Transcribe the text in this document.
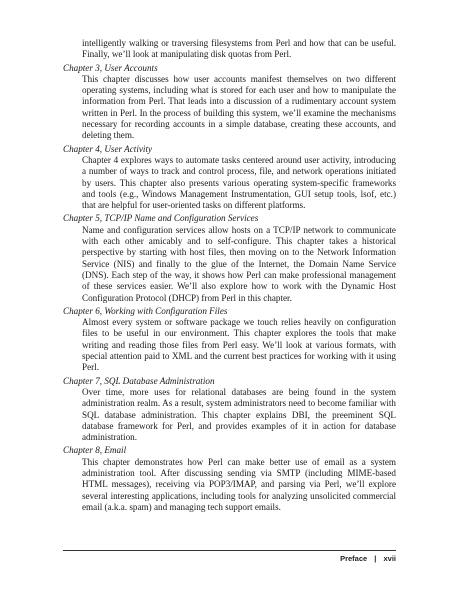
intelligently walking or traversing filesystems from Perl and how that can be useful. Finally, we’ll look at manipulating disk quotas from Perl.

Chapter 3, User Accounts

This chapter discusses how user accounts manifest themselves on two different operating systems, including what is stored for each user and how to manipulate the information from Perl. That leads into a discussion of a rudimentary account system written in Perl. In the process of building this system, we’ll examine the mechanisms necessary for recording accounts in a simple database, creating these accounts, and deleting them.

Chapter 4, User Activity

Chapter 4 explores ways to automate tasks centered around user activity, introducing a number of ways to track and control process, file, and network operations initiated by users. This chapter also presents various operating system-specific frameworks and tools (e.g., Windows Management Instrumentation, GUI setup tools, lsof, etc.) that are helpful for user-oriented tasks on different platforms.

Chapter 5, TCP/IP Name and Configuration Services

Name and configuration services allow hosts on a TCP/IP network to communicate with each other amicably and to self-configure. This chapter takes a historical perspective by starting with host files, then moving on to the Network Information Service (NIS) and finally to the glue of the Internet, the Domain Name Service (DNS). Each step of the way, it shows how Perl can make professional management of these services easier. We’ll also explore how to work with the Dynamic Host Configuration Protocol (DHCP) from Perl in this chapter.

Chapter 6, Working with Configuration Files

Almost every system or software package we touch relies heavily on configuration files to be useful in our environment. This chapter explores the tools that make writing and reading those files from Perl easy. We’ll look at various formats, with special attention paid to XML and the current best practices for working with it using Perl.

Chapter 7, SQL Database Administration

Over time, more uses for relational databases are being found in the system administration realm. As a result, system administrators need to become familiar with SQL database administration. This chapter explains DBI, the preeminent SQL database framework for Perl, and provides examples of it in action for database administration.

Chapter 8, Email

This chapter demonstrates how Perl can make better use of email as a system administration tool. After discussing sending via SMTP (including MIME-based HTML messages), receiving via POP3/IMAP, and parsing via Perl, we’ll explore several interesting applications, including tools for analyzing unsolicited commercial email (a.k.a. spam) and managing tech support emails.

Preface | xvii
